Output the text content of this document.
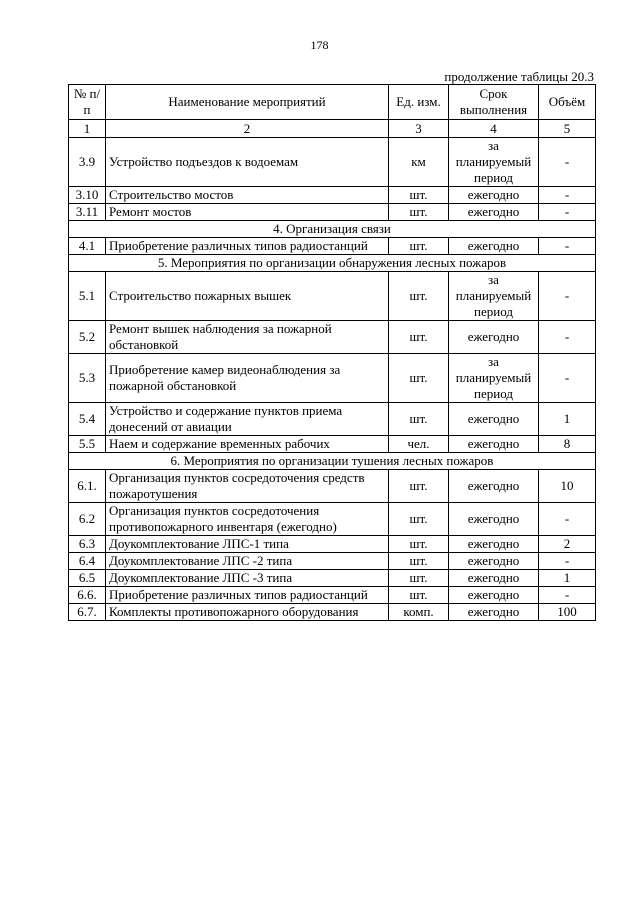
178
продолжение таблицы 20.3
№ п/п	Наименование мероприятий	Ед. изм.	Срок выполнения	Объём
1	2	3	4	5
3.9	Устройство подъездов к водоемам	км	за планируемый период	-
3.10	Строительство мостов	шт.	ежегодно	-
3.11	Ремонт мостов	шт.	ежегодно	-
4. Организация связи				
4.1	Приобретение различных типов радиостанций	шт.	ежегодно	-
5. Мероприятия по организации обнаружения лесных пожаров				
5.1	Строительство пожарных вышек	шт.	за планируемый период	-
5.2	Ремонт вышек наблюдения за пожарной обстановкой	шт.	ежегодно	-
5.3	Приобретение камер видеонаблюдения за пожарной обстановкой	шт.	за планируемый период	-
5.4	Устройство и содержание пунктов приема донесений от авиации	шт.	ежегодно	1
5.5	Наем и содержание временных рабочих	чел.	ежегодно	8
6. Мероприятия по организации тушения лесных пожаров				
6.1.	Организация пунктов сосредоточения средств пожаротушения	шт.	ежегодно	10
6.2	Организация пунктов сосредоточения противопожарного инвентаря (ежегодно)	шт.	ежегодно	-
6.3	Доукомплектование ЛПС-1 типа	шт.	ежегодно	2
6.4	Доукомплектование ЛПС -2 типа	шт.	ежегодно	-
6.5	Доукомплектование ЛПС -3 типа	шт.	ежегодно	1
6.6.	Приобретение различных типов радиостанций	шт.	ежегодно	-
6.7.	Комплекты противопожарного оборудования	комп.	ежегодно	100
